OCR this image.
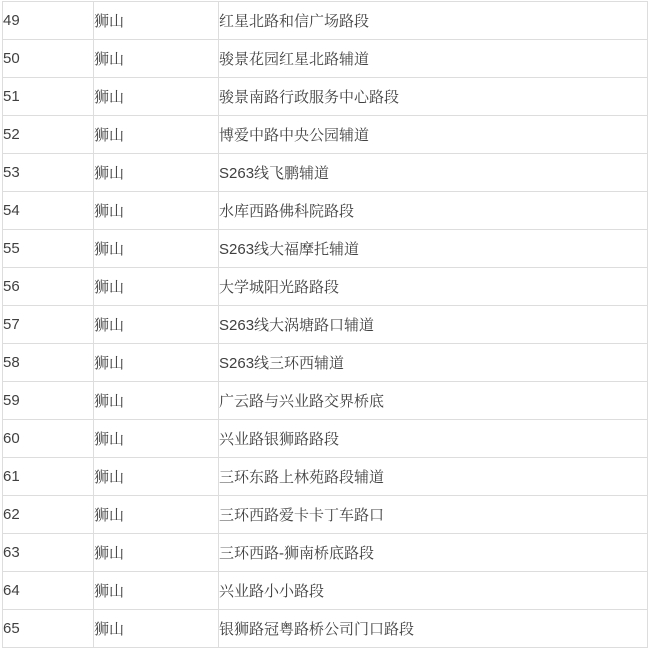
49	狮山	红星北路和信广场路段
50	狮山	骏景花园红星北路辅道
51	狮山	骏景南路行政服务中心路段
52	狮山	博爱中路中央公园辅道
53	狮山	S263线飞鹏辅道
54	狮山	水库西路佛科院路段
55	狮山	S263线大福摩托辅道
56	狮山	大学城阳光路路段
57	狮山	S263线大涡塘路口辅道
58	狮山	S263线三环西辅道
59	狮山	广云路与兴业路交界桥底
60	狮山	兴业路银狮路路段
61	狮山	三环东路上林苑路段辅道
62	狮山	三环西路爱卡卡丁车路口
63	狮山	三环西路-狮南桥底路段
64	狮山	兴业路小小路段
65	狮山	银狮路冠粤路桥公司门口路段
